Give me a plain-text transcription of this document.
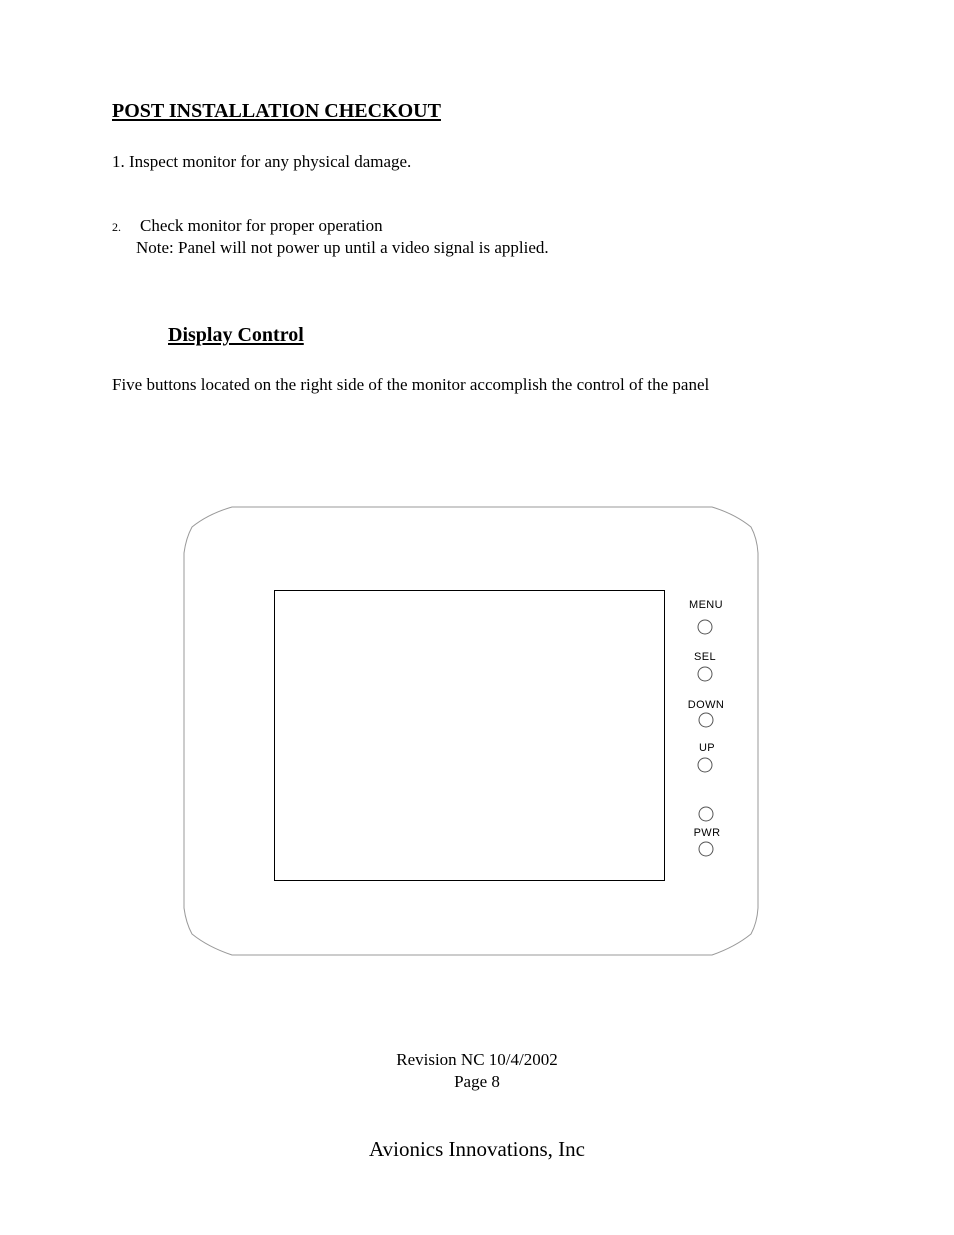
POST INSTALLATION CHECKOUT
1. Inspect monitor for any physical damage.
2. Check monitor for proper operation
Note: Panel will not power up until a video signal is applied.
Display Control
Five buttons located on the right side of the monitor accomplish the control of the panel
MENU
SEL
DOWN
UP
PWR
Revision NC 10/4/2002
Page 8
Avionics Innovations, Inc
